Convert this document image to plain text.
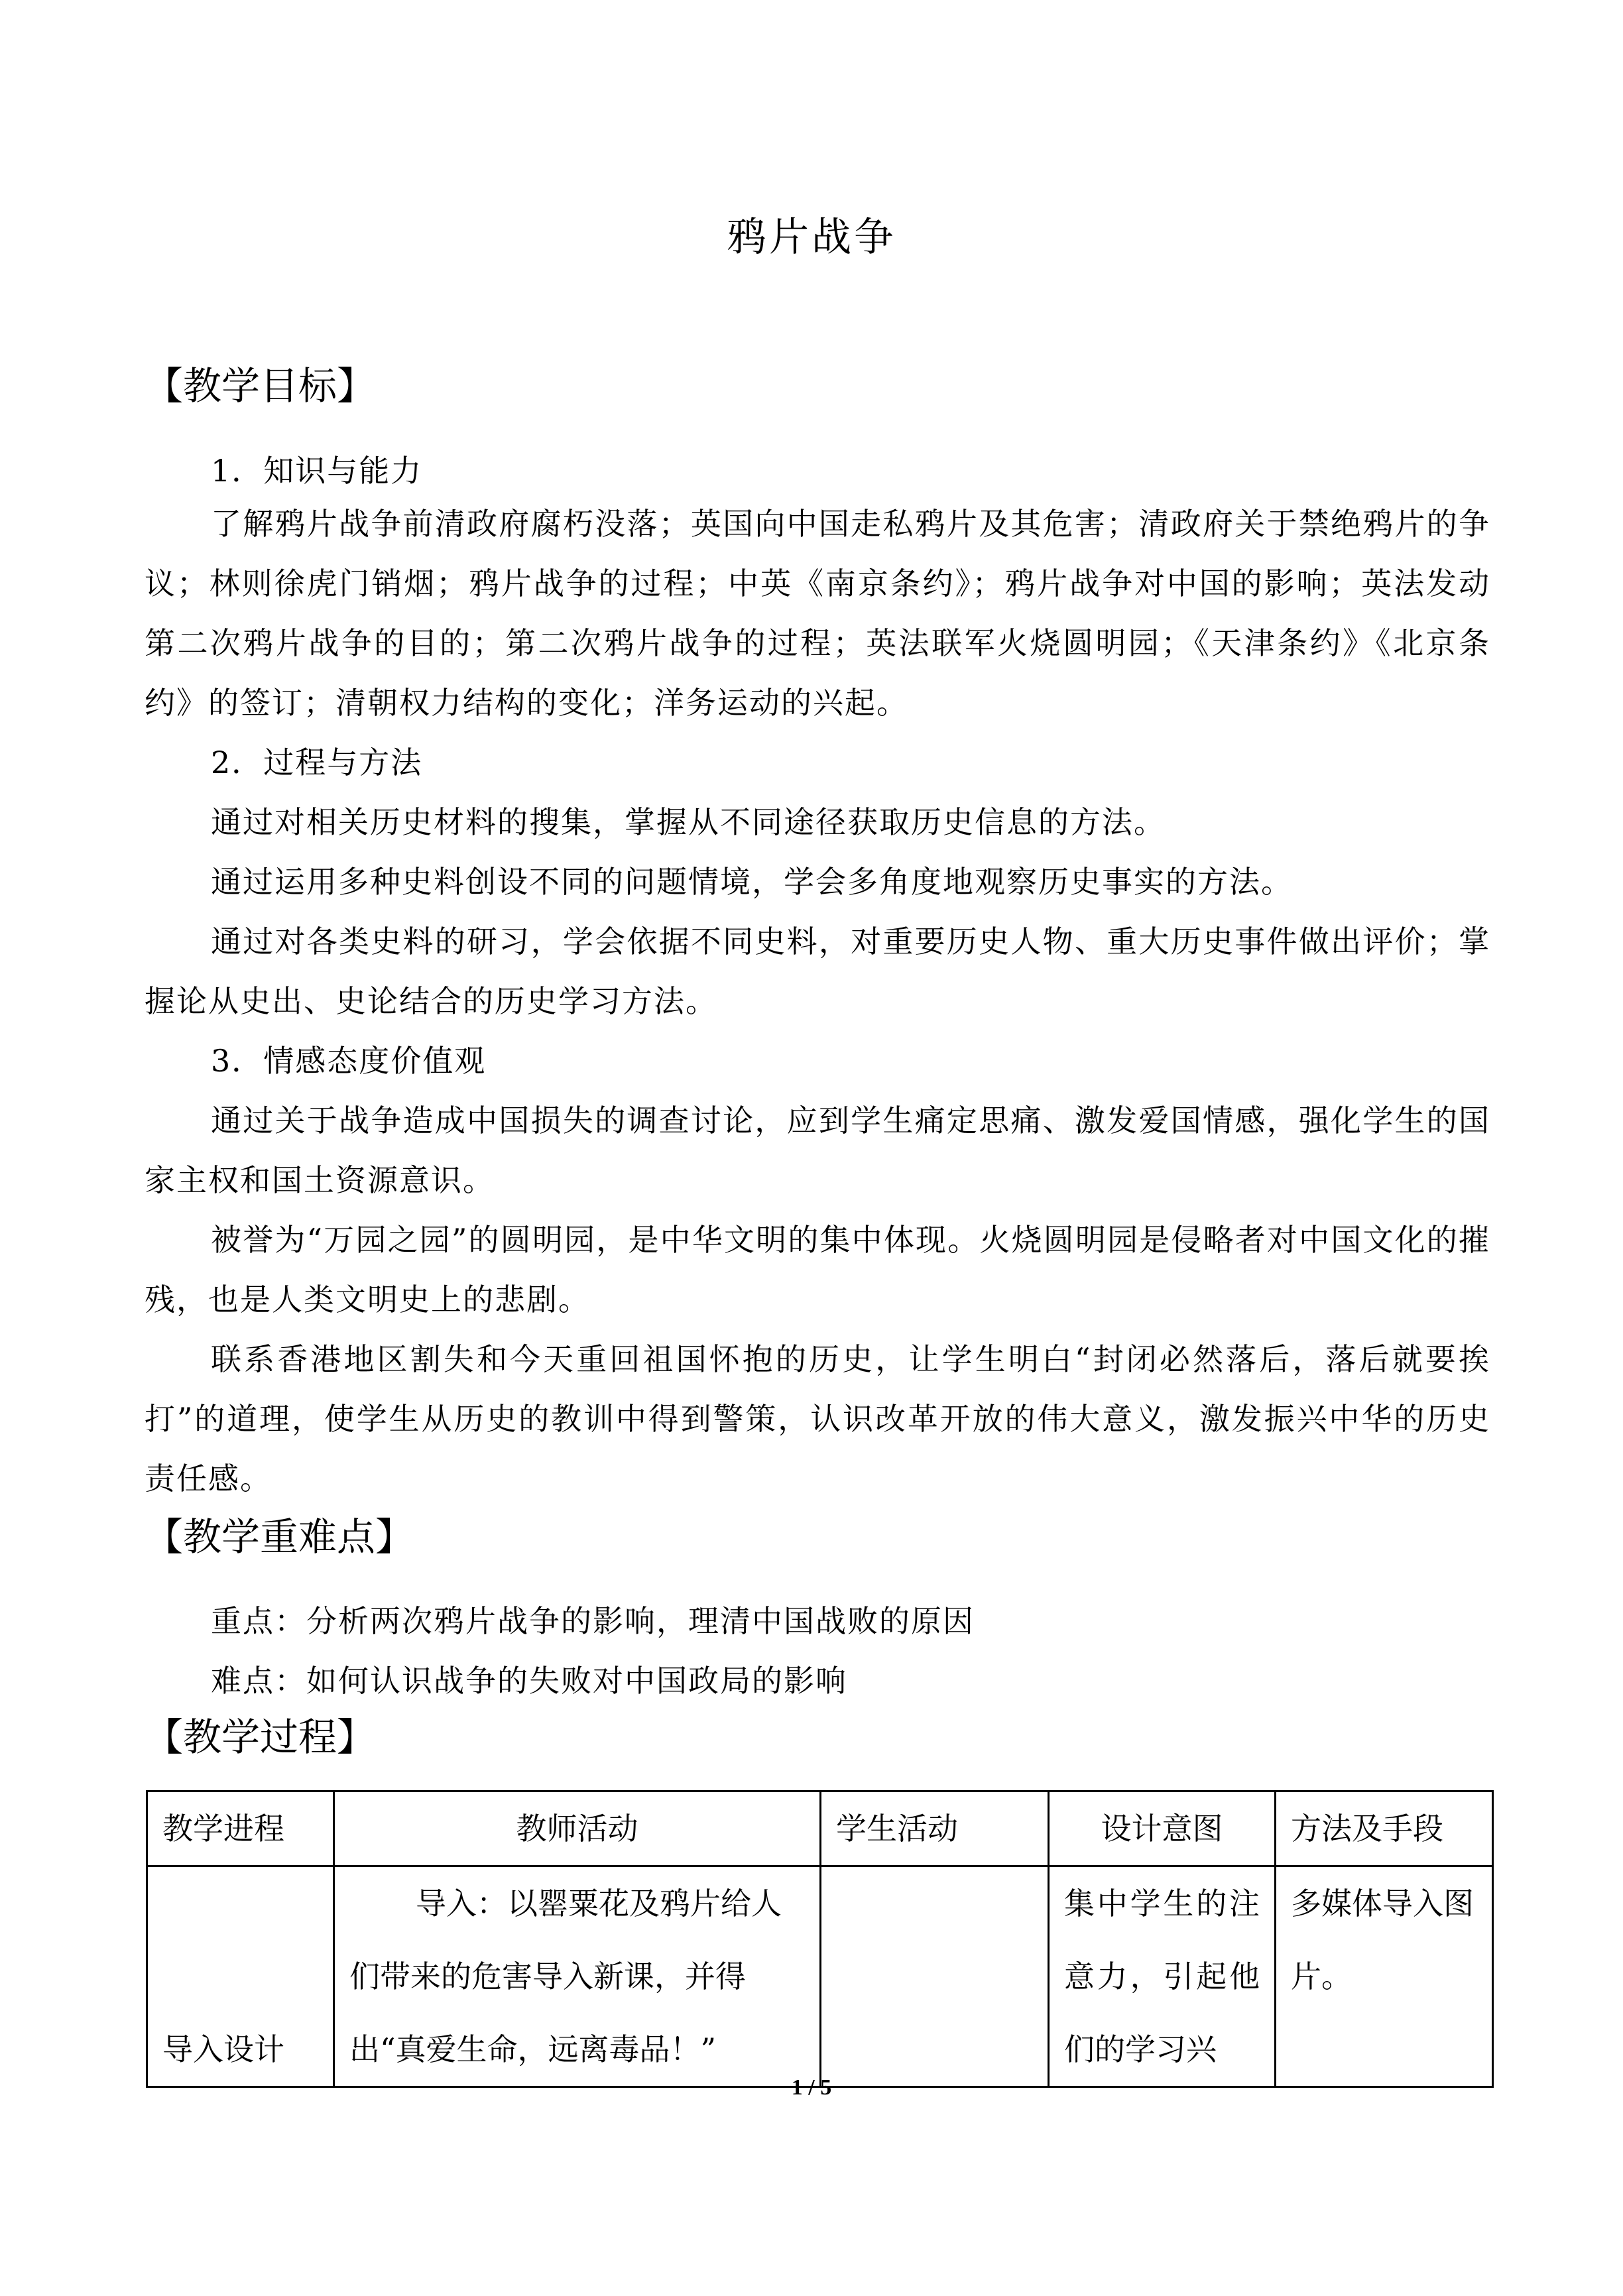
鸦片战争
【教学目标】
1．知识与能力
了解鸦片战争前清政府腐朽没落；英国向中国走私鸦片及其危害；清政府关于禁绝鸦片的争议；林则徐虎门销烟；鸦片战争的过程；中英《南京条约》；鸦片战争对中国的影响；英法发动第二次鸦片战争的目的；第二次鸦片战争的过程；英法联军火烧圆明园；《天津条约》《北京条约》的签订；清朝权力结构的变化；洋务运动的兴起。
2．过程与方法
通过对相关历史材料的搜集，掌握从不同途径获取历史信息的方法。
通过运用多种史料创设不同的问题情境，学会多角度地观察历史事实的方法。
通过对各类史料的研习，学会依据不同史料，对重要历史人物、重大历史事件做出评价；掌握论从史出、史论结合的历史学习方法。
3．情感态度价值观
通过关于战争造成中国损失的调查讨论，应到学生痛定思痛、激发爱国情感，强化学生的国家主权和国土资源意识。
被誉为“万园之园”的圆明园，是中华文明的集中体现。火烧圆明园是侵略者对中国文化的摧残，也是人类文明史上的悲剧。
联系香港地区割失和今天重回祖国怀抱的历史，让学生明白“封闭必然落后，落后就要挨打”的道理，使学生从历史的教训中得到警策，认识改革开放的伟大意义，激发振兴中华的历史责任感。
【教学重难点】
重点：分析两次鸦片战争的影响，理清中国战败的原因
难点：如何认识战争的失败对中国政局的影响
【教学过程】
教学进程	教师活动	学生活动	设计意图	方法及手段
导入设计	导入：以罂粟花及鸦片给人们带来的危害导入新课，并得出“真爱生命，远离毒品！”		集中学生的注意力，引起他们的学习兴	多媒体导入图片。
1 / 5
